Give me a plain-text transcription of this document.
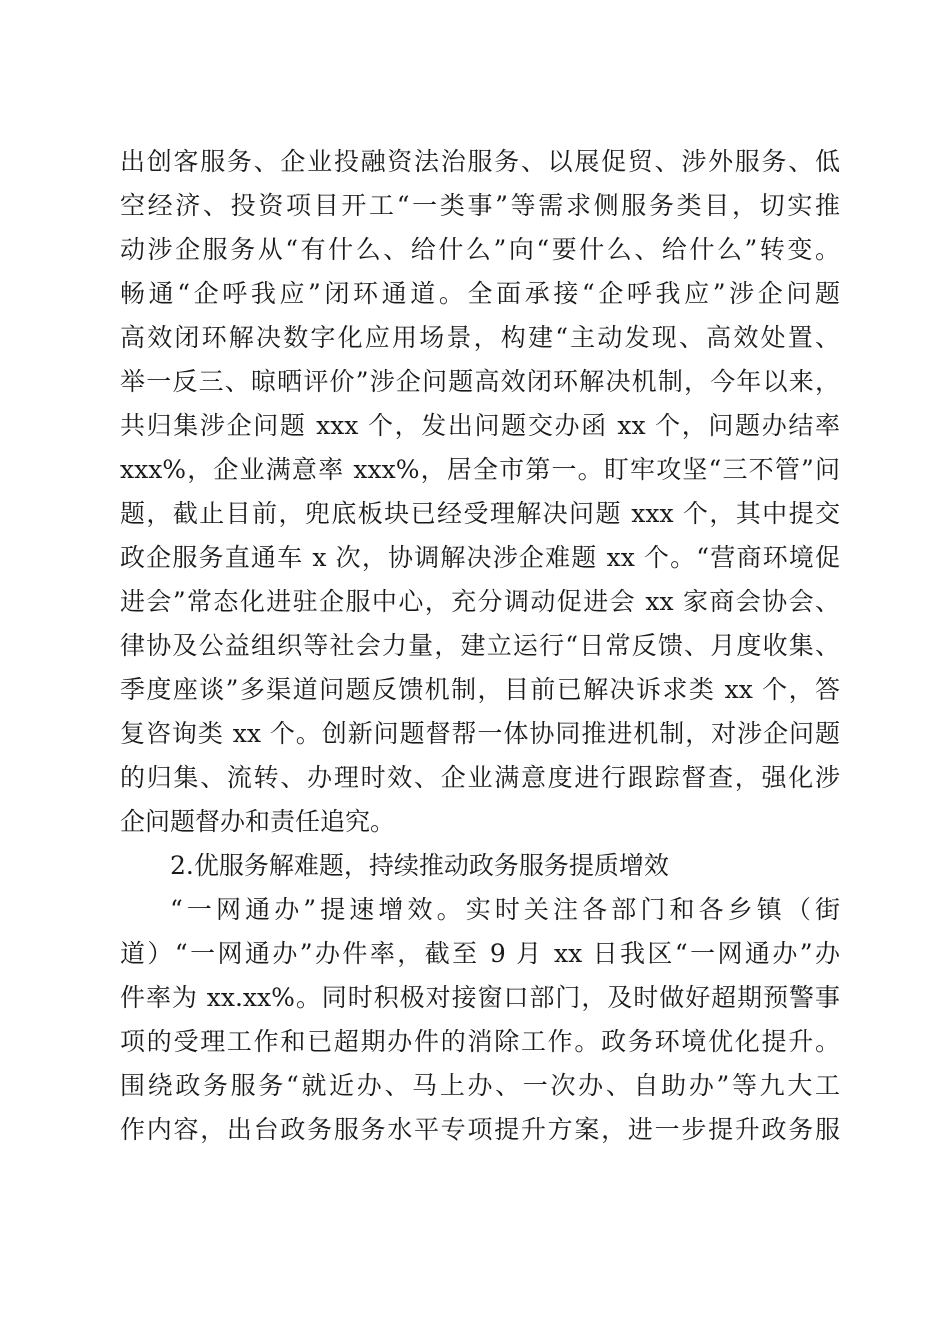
出创客服务、企业投融资法治服务、以展促贸、涉外服务、低
空经济、投资项目开工“一类事”等需求侧服务类目，切实推
动涉企服务从“有什么、给什么”向“要什么、给什么”转变。
畅通“企呼我应”闭环通道。全面承接“企呼我应”涉企问题
高效闭环解决数字化应用场景，构建“主动发现、高效处置、
举一反三、晾晒评价”涉企问题高效闭环解决机制，今年以来，
共归集涉企问题 xxx 个，发出问题交办函 xx 个，问题办结率
xxx%，企业满意率 xxx%，居全市第一。盯牢攻坚“三不管”问
题，截止目前，兜底板块已经受理解决问题 xxx 个，其中提交
政企服务直通车 x 次，协调解决涉企难题 xx 个。“营商环境促
进会”常态化进驻企服中心，充分调动促进会 xx 家商会协会、
律协及公益组织等社会力量，建立运行“日常反馈、月度收集、
季度座谈”多渠道问题反馈机制，目前已解决诉求类 xx 个，答
复咨询类 xx 个。创新问题督帮一体协同推进机制，对涉企问题
的归集、流转、办理时效、企业满意度进行跟踪督查，强化涉
企问题督办和责任追究。
2.优服务解难题，持续推动政务服务提质增效
“一网通办”提速增效。实时关注各部门和各乡镇（街
道）“一网通办”办件率，截至 9 月 xx 日我区“一网通办”办
件率为 xx.xx%。同时积极对接窗口部门，及时做好超期预警事
项的受理工作和已超期办件的消除工作。政务环境优化提升。
围绕政务服务“就近办、马上办、一次办、自助办”等九大工
作内容，出台政务服务水平专项提升方案，进一步提升政务服
